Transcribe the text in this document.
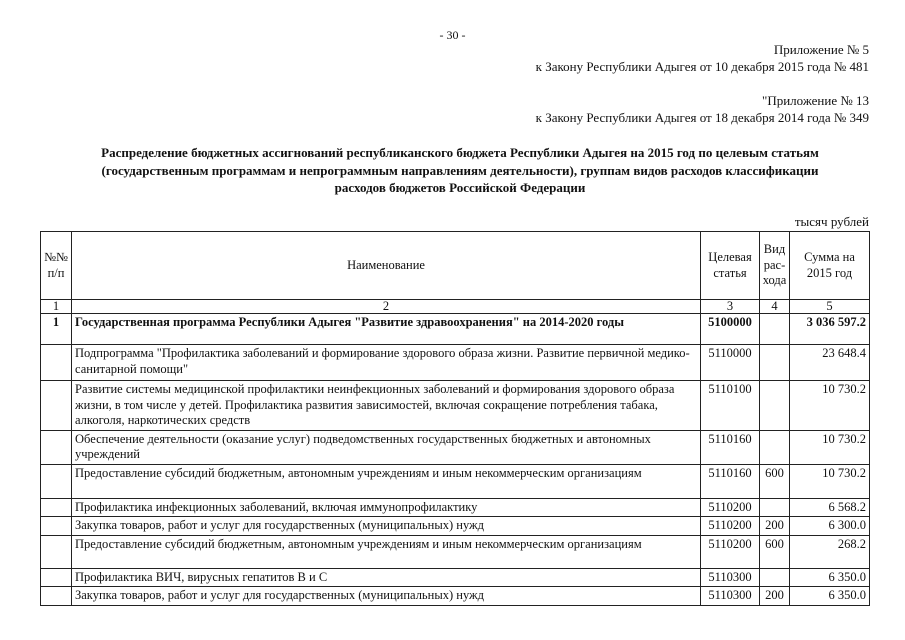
- 30 -
Приложение № 5
к Закону Республики Адыгея от 10 декабря 2015 года № 481
"Приложение № 13
к Закону Республики Адыгея от 18 декабря 2014 года № 349
Распределение бюджетных ассигнований республиканского бюджета Республики Адыгея на 2015 год по целевым статьям
(государственным программам и непрограммным направлениям деятельности), группам видов расходов классификации
расходов бюджетов Российской Федерации
тысяч рублей
№№ п/п	Наименование	Целевая статья	Вид рас-хода	Сумма на 2015 год
1	2	3	4	5
1	Государственная программа Республики Адыгея "Развитие здравоохранения" на 2014-2020 годы	5100000		3 036 597.2
	Подпрограмма "Профилактика заболеваний и формирование здорового образа жизни. Развитие первичной медико-санитарной помощи"	5110000		23 648.4
	Развитие системы медицинской профилактики неинфекционных заболеваний и формирования здорового образа жизни, в том числе у детей. Профилактика развития зависимостей, включая сокращение потребления табака, алкоголя, наркотических средств	5110100		10 730.2
	Обеспечение деятельности (оказание услуг) подведомственных государственных бюджетных и автономных учреждений	5110160		10 730.2
	Предоставление субсидий бюджетным, автономным учреждениям и иным некоммерческим организациям	5110160	600	10 730.2
	Профилактика инфекционных заболеваний, включая иммунопрофилактику	5110200		6 568.2
	Закупка товаров, работ и услуг для государственных (муниципальных) нужд	5110200	200	6 300.0
	Предоставление субсидий бюджетным, автономным учреждениям и иным некоммерческим организациям	5110200	600	268.2
	Профилактика ВИЧ, вирусных гепатитов В и С	5110300		6 350.0
	Закупка товаров, работ и услуг для государственных (муниципальных) нужд	5110300	200	6 350.0
